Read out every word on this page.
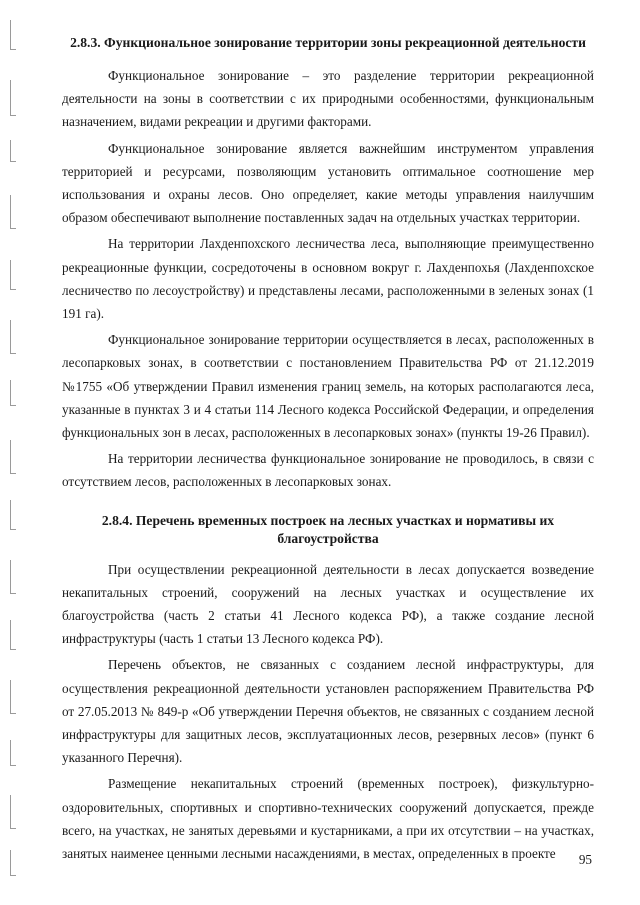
2.8.3. Функциональное зонирование территории зоны рекреационной деятельности

Функциональное зонирование – это разделение территории рекреационной деятельности на зоны в соответствии с их природными особенностями, функциональным назначением, видами рекреации и другими факторами.

Функциональное зонирование является важнейшим инструментом управления территорией и ресурсами, позволяющим установить оптимальное соотношение мер использования и охраны лесов. Оно определяет, какие методы управления наилучшим образом обеспечивают выполнение поставленных задач на отдельных участках территории.

На территории Лахденпохского лесничества леса, выполняющие преимущественно рекреационные функции, сосредоточены в основном вокруг г. Лахденпохья (Лахденпохское лесничество по лесоустройству) и представлены лесами, расположенными в зеленых зонах (1 191 га).

Функциональное зонирование территории осуществляется в лесах, расположенных в лесопарковых зонах, в соответствии с постановлением Правительства РФ от 21.12.2019 №1755 «Об утверждении Правил изменения границ земель, на которых располагаются леса, указанные в пунктах 3 и 4 статьи 114 Лесного кодекса Российской Федерации, и определения функциональных зон в лесах, расположенных в лесопарковых зонах» (пункты 19-26 Правил).

На территории лесничества функциональное зонирование не проводилось, в связи с отсутствием лесов, расположенных в лесопарковых зонах.

2.8.4. Перечень временных построек на лесных участках и нормативы их благоустройства

При осуществлении рекреационной деятельности в лесах допускается возведение некапитальных строений, сооружений на лесных участках и осуществление их благоустройства (часть 2 статьи 41 Лесного кодекса РФ), а также создание лесной инфраструктуры (часть 1 статьи 13 Лесного кодекса РФ).

Перечень объектов, не связанных с созданием лесной инфраструктуры, для осуществления рекреационной деятельности установлен распоряжением Правительства РФ от 27.05.2013 № 849-р «Об утверждении Перечня объектов, не связанных с созданием лесной инфраструктуры для защитных лесов, эксплуатационных лесов, резервных лесов» (пункт 6 указанного Перечня).

Размещение некапитальных строений (временных построек), физкультурно-оздоровительных, спортивных и спортивно-технических сооружений допускается, прежде всего, на участках, не занятых деревьями и кустарниками, а при их отсутствии – на участках, занятых наименее ценными лесными насаждениями, в местах, определенных в проекте	95
